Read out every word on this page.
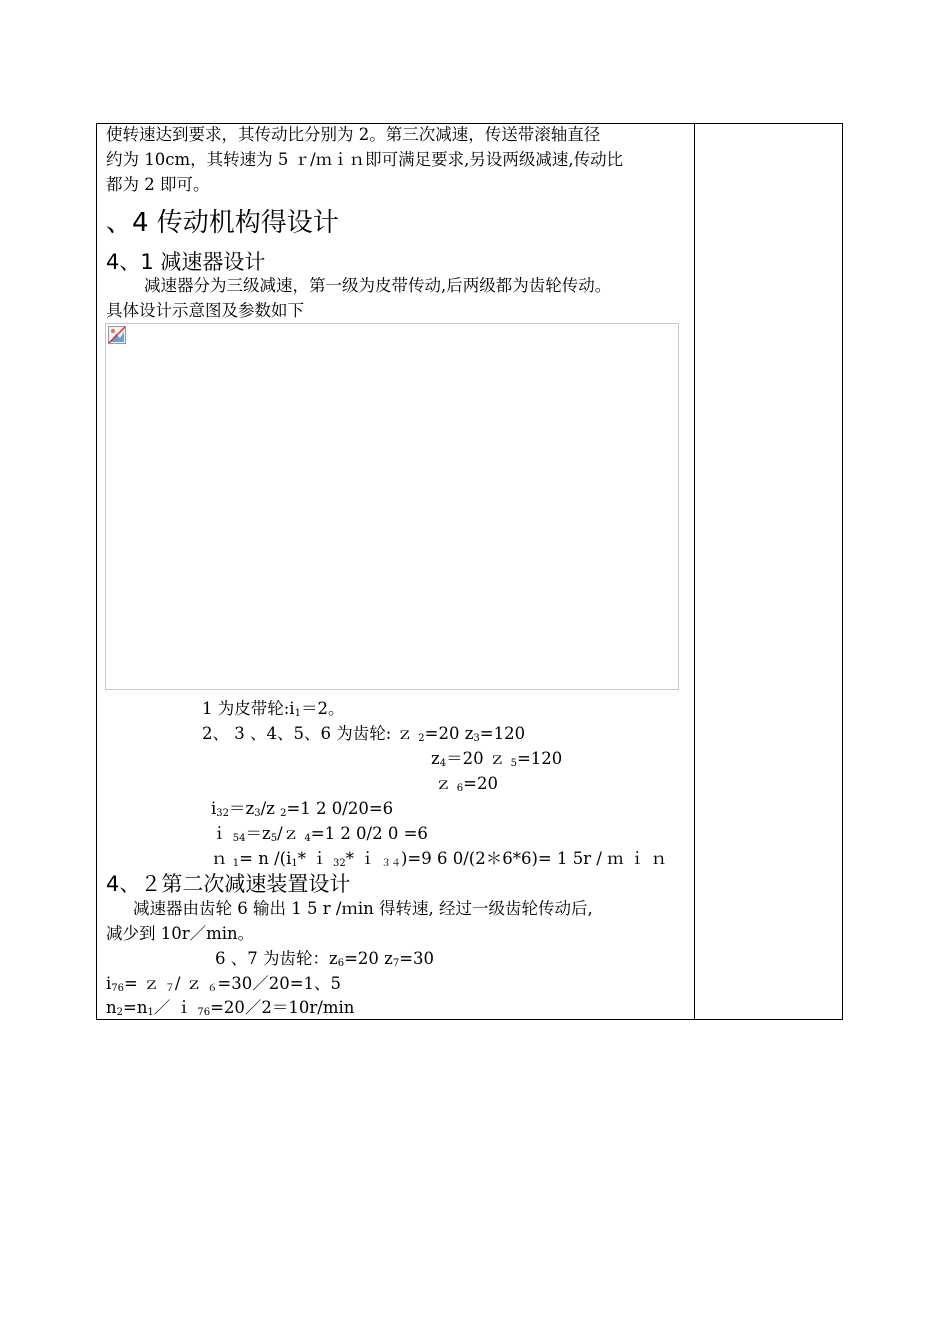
使转速达到要求，其传动比分别为 2。第三次减速，传送带滚轴直径
约为 10cm，其转速为 5 ｒ/ｍｉｎ即可满足要求,另设两级减速,传动比
都为 2 即可。
、4 传动机构得设计
4、1 减速器设计
减速器分为三级减速，第一级为皮带传动,后两级都为齿轮传动。
具体设计示意图及参数如下
1 为皮带轮$:i_1=2$。
2、 3 、4、5、6 为齿轮: ｚ $_2$=20 $z_3=120$
$z_4=20$ ｚ $_5$=120
ｚ $_6$=20
$i_{32}=z_3/z$ $_2$=1 2 0/20=6
ｉ $_{54}=z_5/z$ $_4$=1 2 0/2 0 =6
ｎ $_1$= n $/(i_1*$ ｉ $_{32}$* ｉ $_{34}$)=9 6 0/(2＊6*6)= 1 5r / ｍ ｉ ｎ
4、２第二次减速装置设计
减速器由齿轮 6 输出 1 5 r /ｍin 得转速, 经过一级齿轮传动后,
减少到 10r／min。
6 、7 为齿轮：$z_6=20$ $z_7=30$
$i_{76}=$ ｚ $_7$/ ｚ $_6$=30／20=1、5
$n_2=n_1/$ ｉ $_{76}$=20／2＝10r/min
